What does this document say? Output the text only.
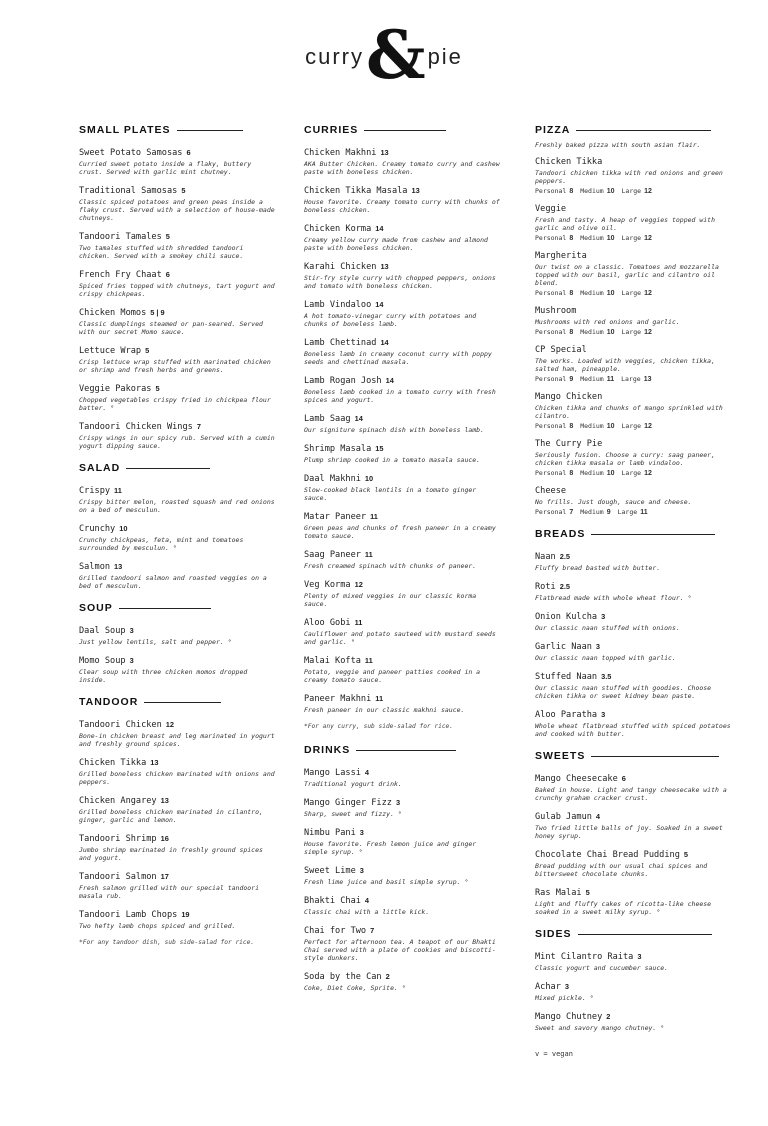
curry & pie
SMALL PLATES
Sweet Potato Samosas 6
Curried sweet potato inside a flaky, buttery crust. Served with garlic mint chutney.
Traditional Samosas 5
Classic spiced potatoes and green peas inside a flaky crust. Served with a selection of house-made chutneys.
Tandoori Tamales 5
Two tamales stuffed with shredded tandoori chicken. Served with a smokey chili sauce.
French Fry Chaat 6
Spiced fries topped with chutneys, tart yogurt and crispy chickpeas.
Chicken Momos 5 | 9
Classic dumplings steamed or pan-seared. Served with our secret Momo sauce.
Lettuce Wrap 5
Crisp lettuce wrap stuffed with marinated chicken or shrimp and fresh herbs and greens.
Veggie Pakoras 5
Chopped vegetables crispy fried in chickpea flour batter. °
Tandoori Chicken Wings 7
Crispy wings in our spicy rub. Served with a cumin yogurt dipping sauce.
SALAD
Crispy 11
Crispy bitter melon, roasted squash and red onions on a bed of mesculun.
Crunchy 10
Crunchy chickpeas, feta, mint and tomatoes surrounded by mesculun. °
Salmon 13
Grilled tandoori salmon and roasted veggies on a bed of mesculun.
SOUP
Daal Soup 3
Just yellow lentils, salt and pepper. °
Momo Soup 3
Clear soup with three chicken momos dropped inside.
TANDOOR
Tandoori Chicken 12
Bone-in chicken breast and leg marinated in yogurt and freshly ground spices.
Chicken Tikka 13
Grilled boneless chicken marinated with onions and peppers.
Chicken Angarey 13
Grilled boneless chicken marinated in cilantro, ginger, garlic and lemon.
Tandoori Shrimp 16
Jumbo shrimp marinated in freshly ground spices and yogurt.
Tandoori Salmon 17
Fresh salmon grilled with our special tandoori masala rub.
Tandoori Lamb Chops 19
Two hefty lamb chops spiced and grilled.
*For any tandoor dish, sub side-salad for rice.
CURRIES
Chicken Makhni 13
AKA Butter Chicken. Creamy tomato curry and cashew paste with boneless chicken.
Chicken Tikka Masala 13
House favorite. Creamy tomato curry with chunks of boneless chicken.
Chicken Korma 14
Creamy yellow curry made from cashew and almond paste with boneless chicken.
Karahi Chicken 13
Stir-fry style curry with chopped peppers, onions and tomato with boneless chicken.
Lamb Vindaloo 14
A hot tomato-vinegar curry with potatoes and chunks of boneless lamb.
Lamb Chettinad 14
Boneless lamb in creamy coconut curry with poppy seeds and chettinad masala.
Lamb Rogan Josh 14
Boneless lamb cooked in a tomato curry with fresh spices and yogurt.
Lamb Saag 14
Our signiture spinach dish with boneless lamb.
Shrimp Masala 15
Plump shrimp cooked in a tomato masala sauce.
Daal Makhni 10
Slow-cooked black lentils in a tomato ginger sauce.
Matar Paneer 11
Green peas and chunks of fresh paneer in a creamy tomato sauce.
Saag Paneer 11
Fresh creamed spinach with chunks of paneer.
Veg Korma 12
Plenty of mixed veggies in our classic korma sauce.
Aloo Gobi 11
Cauliflower and potato sauteed with mustard seeds and garlic. °
Malai Kofta 11
Potato, veggie and paneer patties cooked in a creamy tomato sauce.
Paneer Makhni 11
Fresh paneer in our classic makhni sauce.
*For any curry, sub side-salad for rice.
DRINKS
Mango Lassi 4
Traditional yogurt drink.
Mango Ginger Fizz 3
Sharp, sweet and fizzy. °
Nimbu Pani 3
House favorite. Fresh lemon juice and ginger simple syrup. °
Sweet Lime 3
Fresh lime juice and basil simple syrup. °
Bhakti Chai 4
Classic chai with a little kick.
Chai for Two 7
Perfect for afternoon tea. A teapot of our Bhakti Chai served with a plate of cookies and biscotti-style dunkers.
Soda by the Can 2
Coke, Diet Coke, Sprite. °
PIZZA
Freshly baked pizza with south asian flair.
Chicken Tikka
Tandoori chicken tikka with red onions and green peppers.
Personal 8 Medium 10 Large 12
Veggie
Fresh and tasty. A heap of veggies topped with garlic and olive oil.
Personal 8 Medium 10 Large 12
Margherita
Our twist on a classic. Tomatoes and mozzarella topped with our basil, garlic and cilantro oil blend.
Personal 8 Medium 10 Large 12
Mushroom
Mushrooms with red onions and garlic.
Personal 8 Medium 10 Large 12
CP Special
The works. Loaded with veggies, chicken tikka, salted ham, pineapple.
Personal 9 Medium 11 Large 13
Mango Chicken
Chicken tikka and chunks of mango sprinkled with cilantro.
Personal 8 Medium 10 Large 12
The Curry Pie
Seriously fusion. Choose a curry: saag paneer, chicken tikka masala or lamb vindaloo.
Personal 8 Medium 10 Large 12
Cheese
No frills. Just dough, sauce and cheese.
Personal 7 Medium 9 Large 11
BREADS
Naan 2.5
Fluffy bread basted with butter.
Roti 2.5
Flatbread made with whole wheat flour. °
Onion Kulcha 3
Our classic naan stuffed with onions.
Garlic Naan 3
Our classic naan topped with garlic.
Stuffed Naan 3.5
Our classic naan stuffed with goodies. Choose chicken tikka or sweet kidney bean paste.
Aloo Paratha 3
Whole wheat flatbread stuffed with spiced potatoes and cooked with butter.
SWEETS
Mango Cheesecake 6
Baked in house. Light and tangy cheesecake with a crunchy graham cracker crust.
Gulab Jamun 4
Two fried little balls of joy. Soaked in a sweet honey syrup.
Chocolate Chai Bread Pudding 5
Bread pudding with our usual chai spices and bittersweet chocolate chunks.
Ras Malai 5
Light and fluffy cakes of ricotta-like cheese soaked in a sweet milky syrup. °
SIDES
Mint Cilantro Raita 3
Classic yogurt and cucumber sauce.
Achar 3
Mixed pickle. °
Mango Chutney 2
Sweet and savory mango chutney. °
v = vegan
